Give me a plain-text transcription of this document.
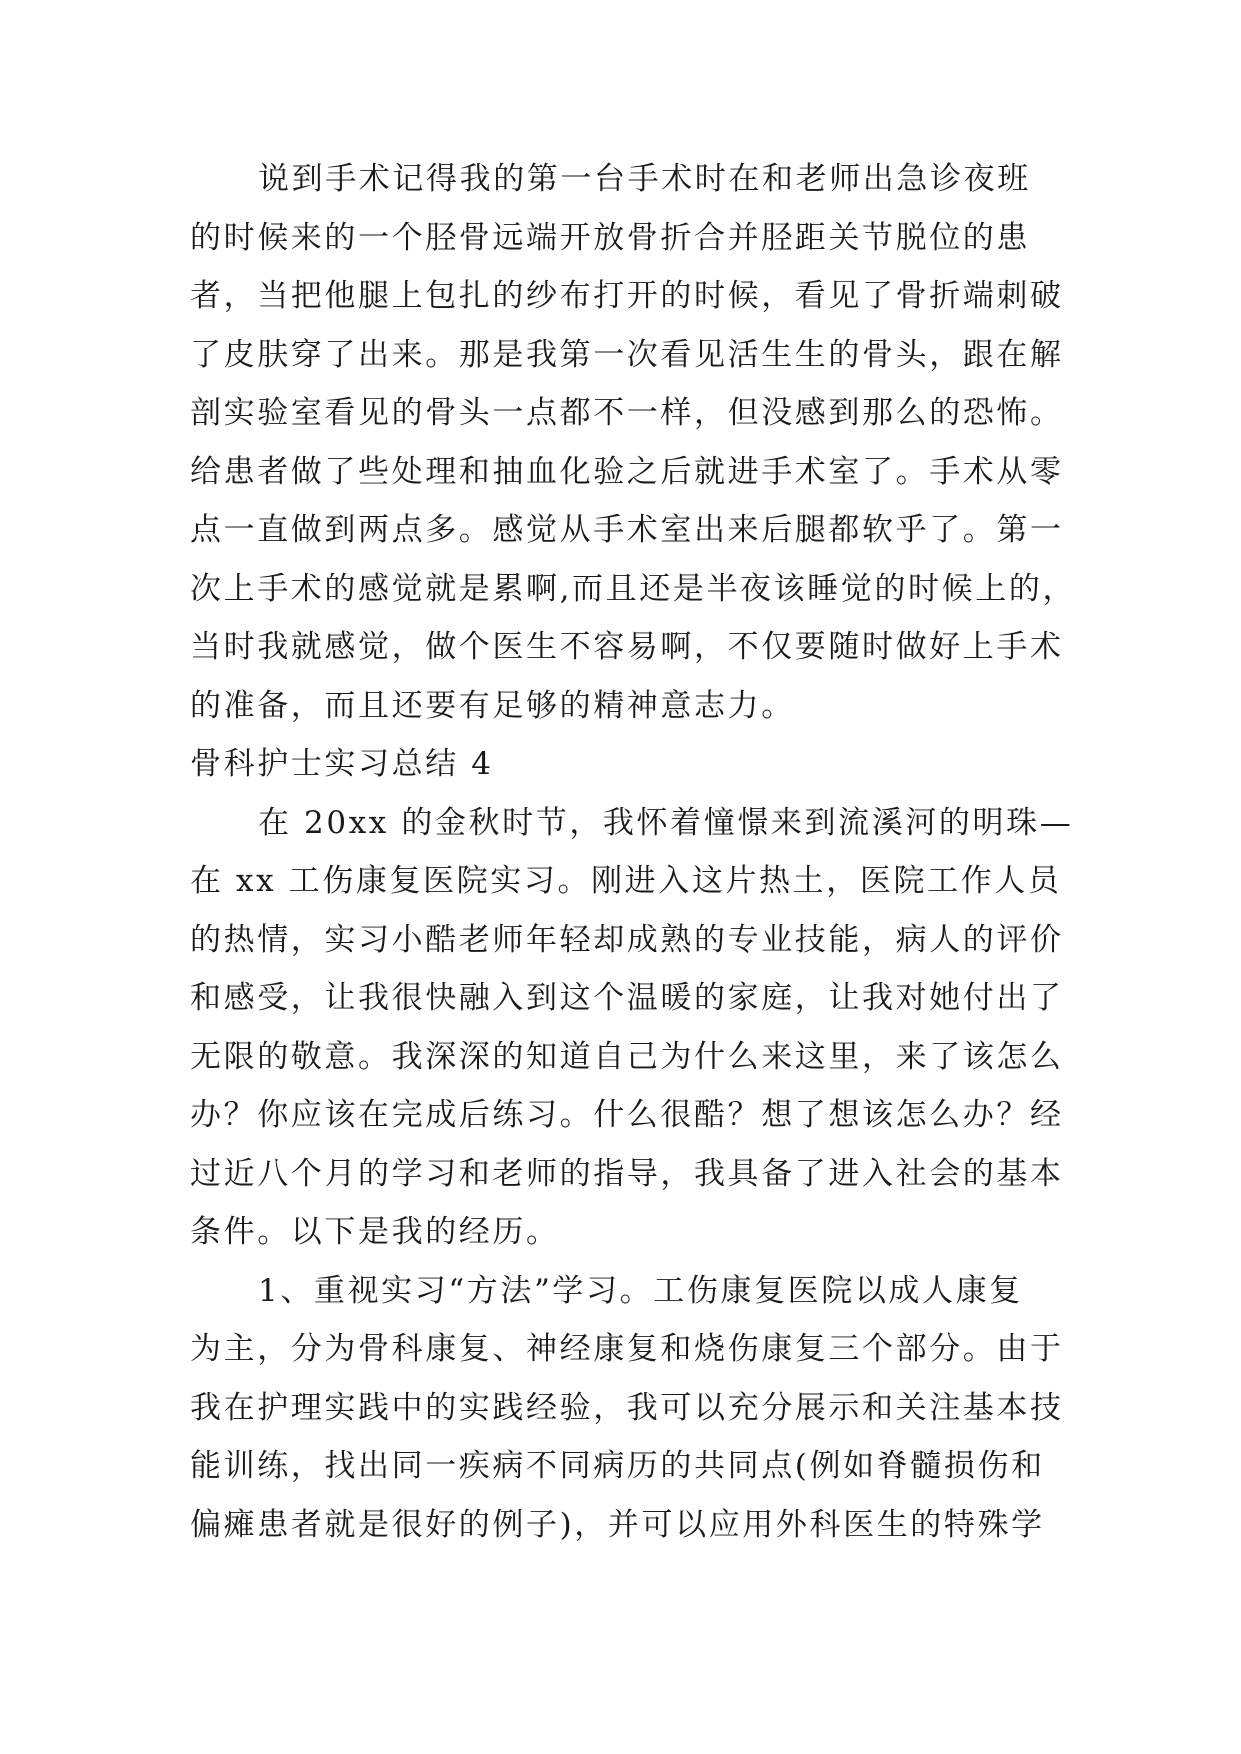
说到手术记得我的第一台手术时在和老师出急诊夜班
的时候来的一个胫骨远端开放骨折合并胫距关节脱位的患
者，当把他腿上包扎的纱布打开的时候，看见了骨折端刺破
了皮肤穿了出来。那是我第一次看见活生生的骨头，跟在解
剖实验室看见的骨头一点都不一样，但没感到那么的恐怖。
给患者做了些处理和抽血化验之后就进手术室了。手术从零
点一直做到两点多。感觉从手术室出来后腿都软乎了。第一
次上手术的感觉就是累啊,而且还是半夜该睡觉的时候上的，
当时我就感觉，做个医生不容易啊，不仅要随时做好上手术
的准备，而且还要有足够的精神意志力。
骨科护士实习总结 4
在 20xx 的金秋时节，我怀着憧憬来到流溪河的明珠—
在 xx 工伤康复医院实习。刚进入这片热土，医院工作人员
的热情，实习小酷老师年轻却成熟的专业技能，病人的评价
和感受，让我很快融入到这个温暖的家庭，让我对她付出了
无限的敬意。我深深的知道自己为什么来这里，来了该怎么
办？你应该在完成后练习。什么很酷？想了想该怎么办？经
过近八个月的学习和老师的指导，我具备了进入社会的基本
条件。以下是我的经历。
1、重视实习“方法”学习。工伤康复医院以成人康复
为主，分为骨科康复、神经康复和烧伤康复三个部分。由于
我在护理实践中的实践经验，我可以充分展示和关注基本技
能训练，找出同一疾病不同病历的共同点(例如脊髓损伤和
偏瘫患者就是很好的例子)，并可以应用外科医生的特殊学
